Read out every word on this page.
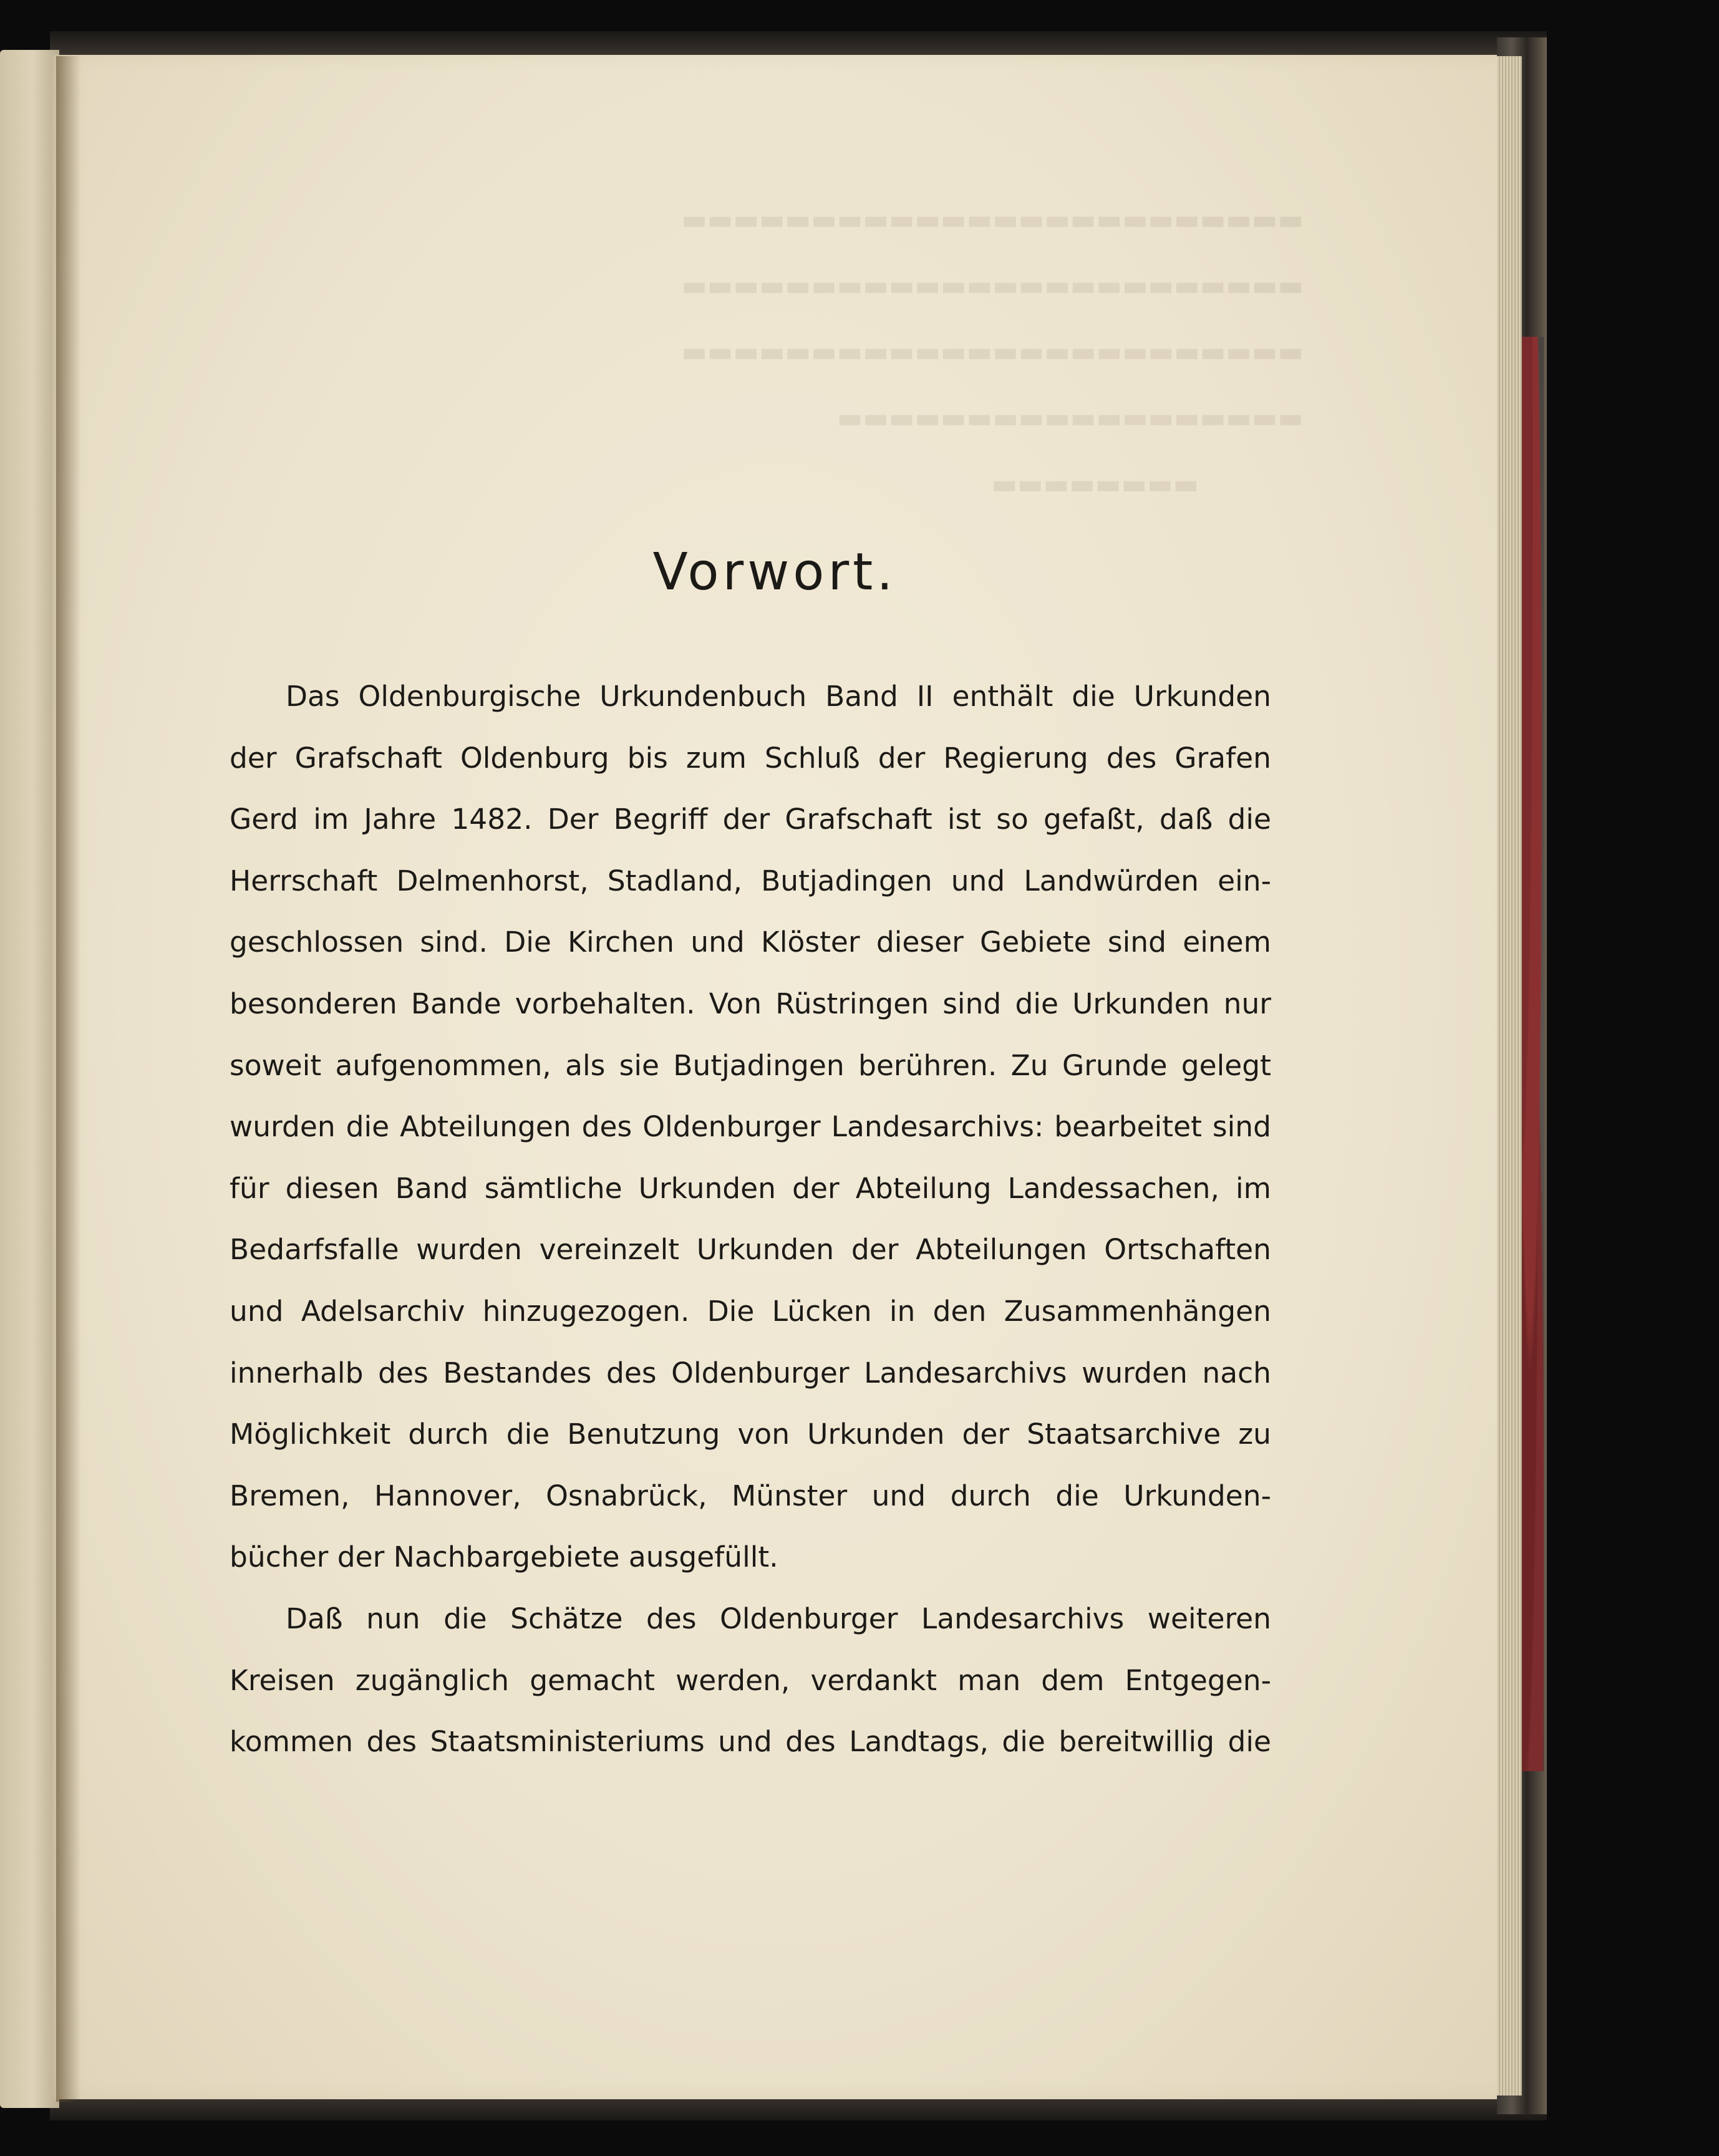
Vorwort.
Das Oldenburgische Urkundenbuch Band II enthält die Urkunden
der Grafschaft Oldenburg bis zum Schluß der Regierung des Grafen
Gerd im Jahre 1482. Der Begriff der Grafschaft ist so gefaßt, daß die
Herrschaft Delmenhorst, Stadland, Butjadingen und Landwürden ein-
geschlossen sind. Die Kirchen und Klöster dieser Gebiete sind einem
besonderen Bande vorbehalten. Von Rüstringen sind die Urkunden nur
soweit aufgenommen, als sie Butjadingen berühren. Zu Grunde gelegt
wurden die Abteilungen des Oldenburger Landesarchivs: bearbeitet sind
für diesen Band sämtliche Urkunden der Abteilung Landessachen, im
Bedarfsfalle wurden vereinzelt Urkunden der Abteilungen Ortschaften
und Adelsarchiv hinzugezogen. Die Lücken in den Zusammenhängen
innerhalb des Bestandes des Oldenburger Landesarchivs wurden nach
Möglichkeit durch die Benutzung von Urkunden der Staatsarchive zu
Bremen, Hannover, Osnabrück, Münster und durch die Urkunden-
bücher der Nachbargebiete ausgefüllt.
Daß nun die Schätze des Oldenburger Landesarchivs weiteren
Kreisen zugänglich gemacht werden, verdankt man dem Entgegen-
kommen des Staatsministeriums und des Landtags, die bereitwillig die
